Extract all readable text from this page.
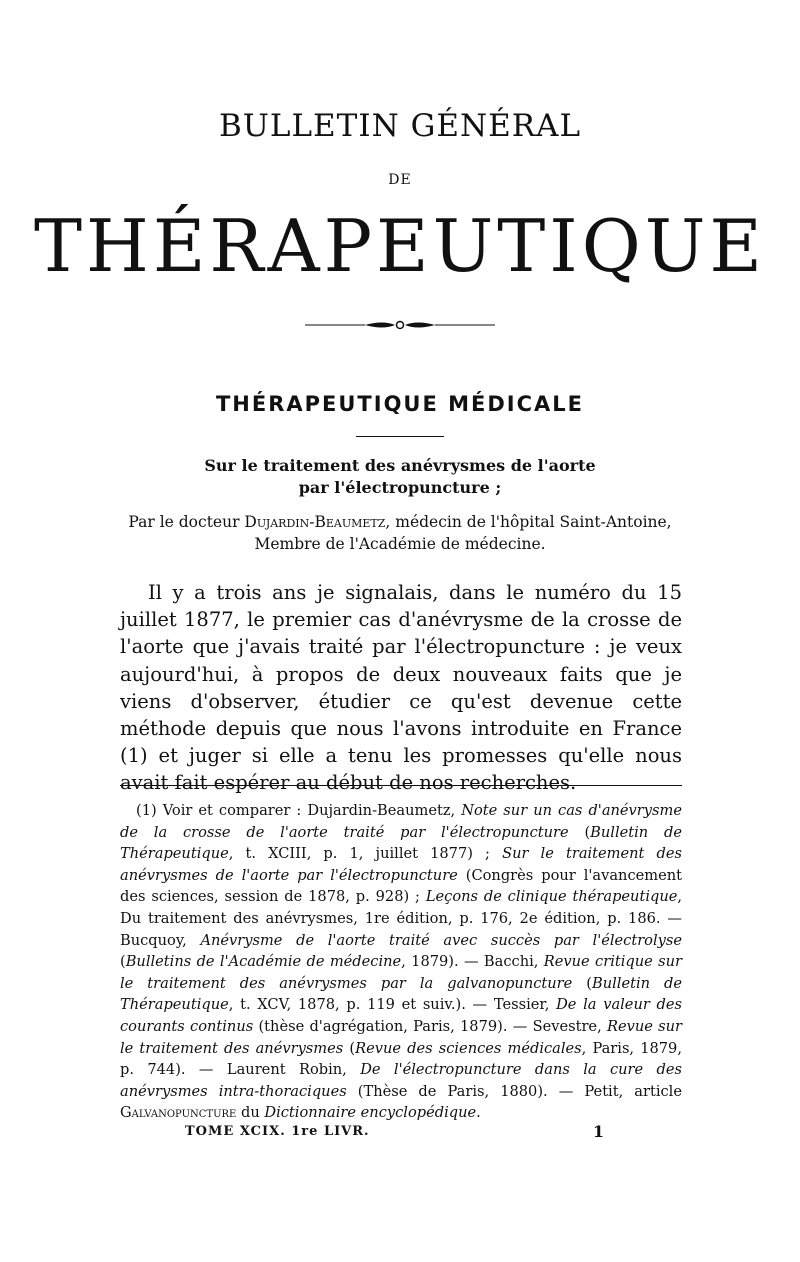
BULLETIN GÉNÉRAL
DE
THÉRAPEUTIQUE
THÉRAPEUTIQUE MÉDICALE
Sur le traitement des anévrysmes de l'aorte
par l'électropuncture ;
Par le docteur Dujardin-Beaumetz, médecin de l'hôpital Saint-Antoine,
Membre de l'Académie de médecine.

Il y a trois ans je signalais, dans le numéro du 15 juillet 1877, le premier cas d'anévrysme de la crosse de l'aorte que j'avais traité par l'électropuncture : je veux aujourd'hui, à propos de deux nouveaux faits que je viens d'observer, étudier ce qu'est devenue cette méthode depuis que nous l'avons introduite en France (1) et juger si elle a tenu les promesses qu'elle nous avait fait espérer au début de nos recherches.

(1) Voir et comparer : Dujardin-Beaumetz, Note sur un cas d'anévrysme de la crosse de l'aorte traité par l'électropuncture (Bulletin de Thérapeutique, t. XCIII, p. 1, juillet 1877) ; Sur le traitement des anévrysmes de l'aorte par l'électropuncture (Congrès pour l'avancement des sciences, session de 1878, p. 928) ; Leçons de clinique thérapeutique, Du traitement des anévrysmes, 1re édition, p. 176, 2e édition, p. 186. — Bucquoy, Anévrysme de l'aorte traité avec succès par l'électrolyse (Bulletins de l'Académie de médecine, 1879). — Bacchi, Revue critique sur le traitement des anévrysmes par la galvanopuncture (Bulletin de Thérapeutique, t. XCV, 1878, p. 119 et suiv.). — Tessier, De la valeur des courants continus (thèse d'agrégation, Paris, 1879). — Sevestre, Revue sur le traitement des anévrysmes (Revue des sciences médicales, Paris, 1879, p. 744). — Laurent Robin, De l'électropuncture dans la cure des anévrysmes intra-thoraciques (Thèse de Paris, 1880). — Petit, article Galvanopuncture du Dictionnaire encyclopédique.

TOME XCIX. 1re LIVR.	1
